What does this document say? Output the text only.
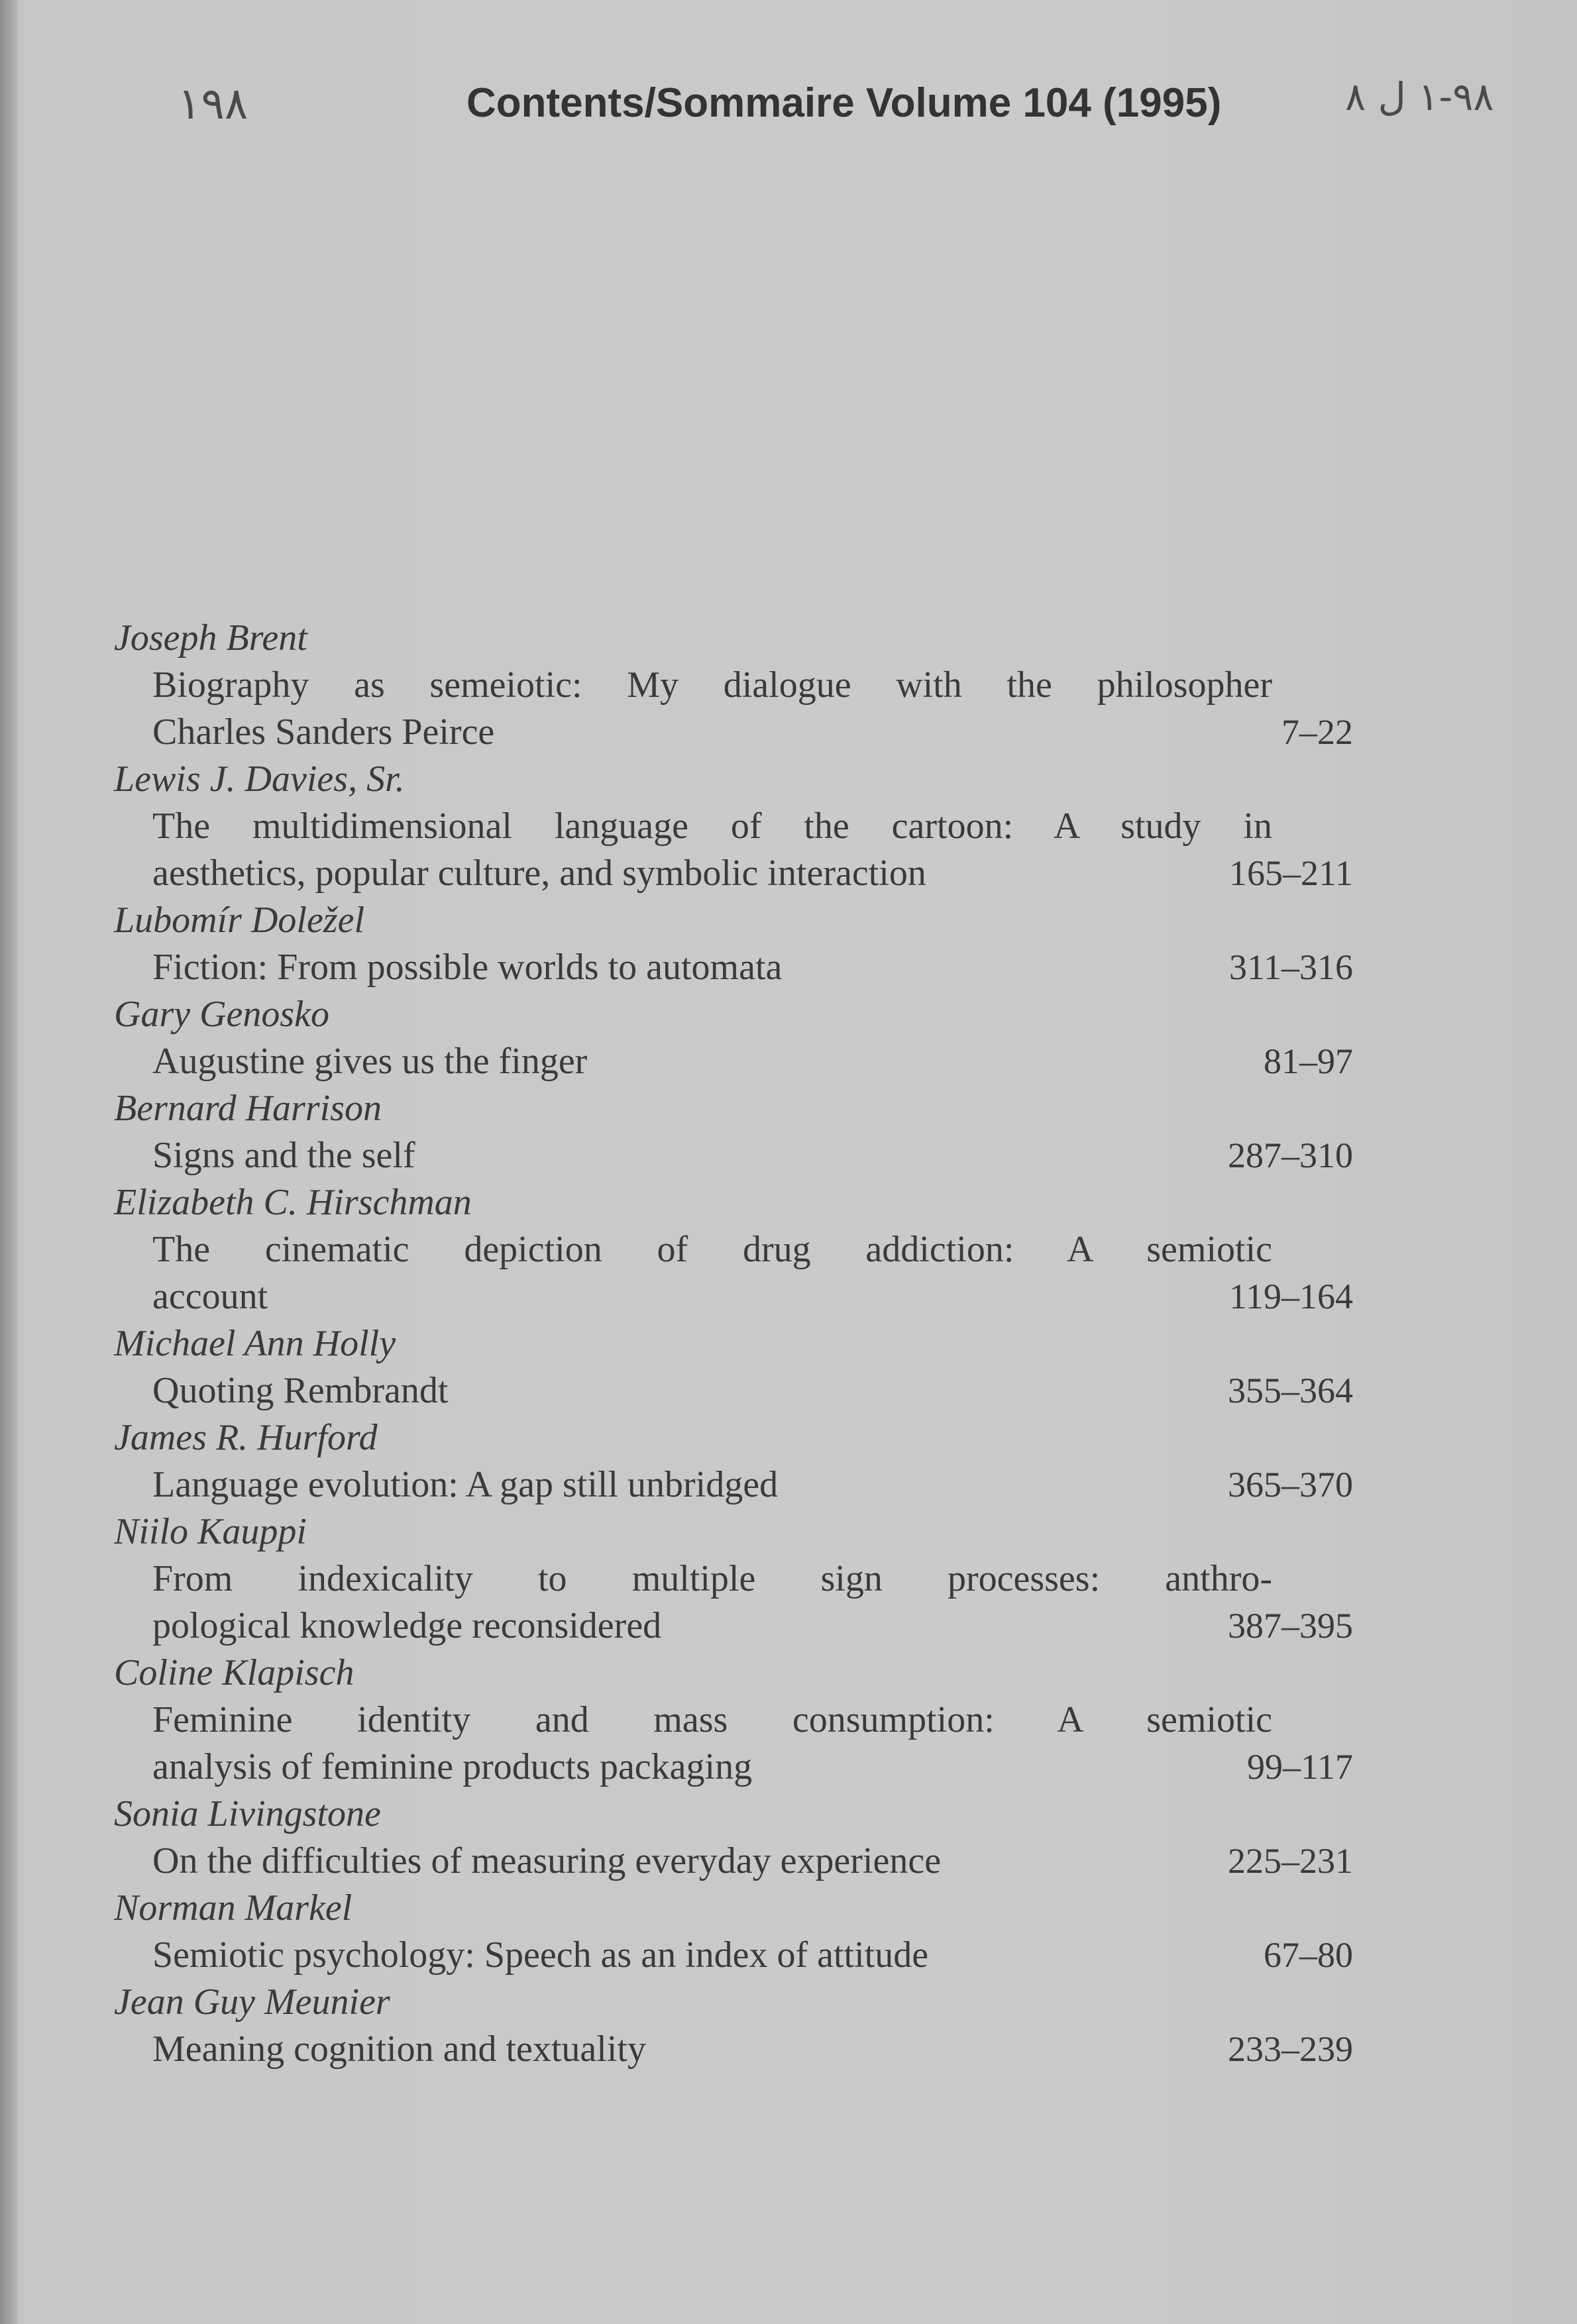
١٩٨	Contents/Sommaire Volume 104 (1995)	٩٨-١ ل ٨
Joseph Brent
Biography as semeiotic: My dialogue with the philosopher
Charles Sanders Peirce	7–22
Lewis J. Davies, Sr.
The multidimensional language of the cartoon: A study in
aesthetics, popular culture, and symbolic interaction	165–211
Lubomír Doležel
Fiction: From possible worlds to automata	311–316
Gary Genosko
Augustine gives us the finger	81–97
Bernard Harrison
Signs and the self	287–310
Elizabeth C. Hirschman
The cinematic depiction of drug addiction: A semiotic
account	119–164
Michael Ann Holly
Quoting Rembrandt	355–364
James R. Hurford
Language evolution: A gap still unbridged	365–370
Niilo Kauppi
From indexicality to multiple sign processes: anthro-
pological knowledge reconsidered	387–395
Coline Klapisch
Feminine identity and mass consumption: A semiotic
analysis of feminine products packaging	99–117
Sonia Livingstone
On the difficulties of measuring everyday experience	225–231
Norman Markel
Semiotic psychology: Speech as an index of attitude	67–80
Jean Guy Meunier
Meaning cognition and textuality	233–239
